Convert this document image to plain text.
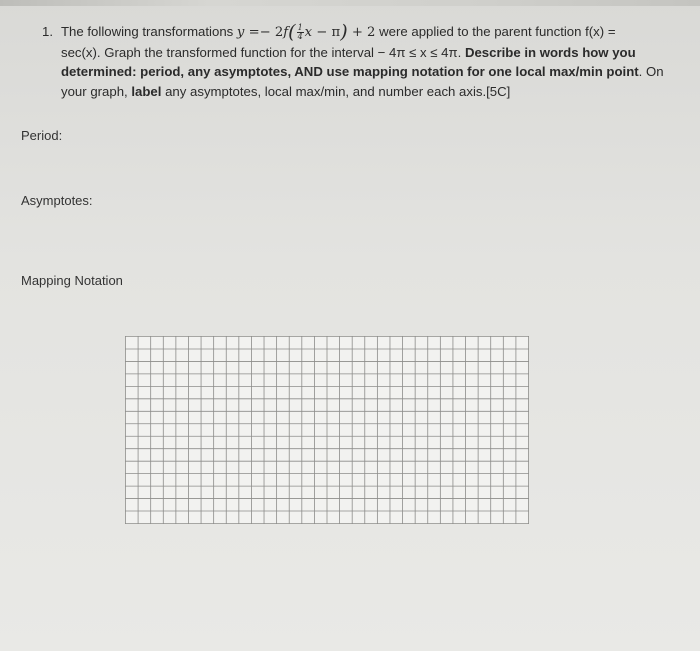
1. The following transformations $y =- 2f( \frac{1}{4}$ x − π) + 2 were applied to the parent function f(x) =
sec(x). Graph the transformed function for the interval − 4π ≤ x ≤ 4π. Describe in words how you
determined: period, any asymptotes, AND use mapping notation for one local max/min point. On
your graph, label any asymptotes, local max/min, and number each axis.[5C]
Period:
Asymptotes:
Mapping Notation
